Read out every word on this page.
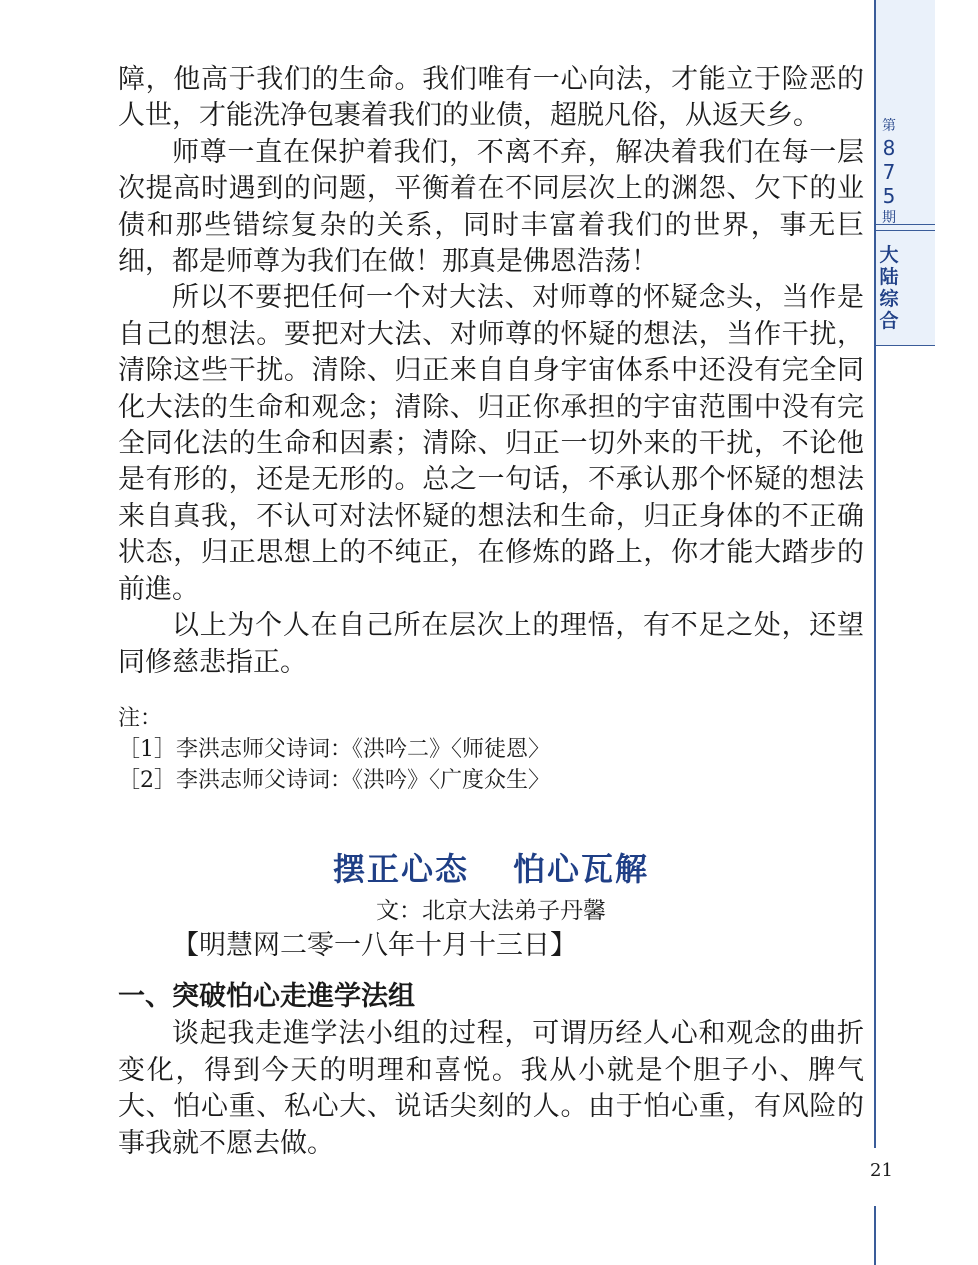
第
8
7
5
期
大
陆
综
合

障，他高于我们的生命。我们唯有一心向法，才能立于险恶的人世，才能洗净包裹着我们的业债，超脱凡俗，从返天乡。

师尊一直在保护着我们，不离不弃，解决着我们在每一层次提高时遇到的问题，平衡着在不同层次上的渊怨、欠下的业债和那些错综复杂的关系，同时丰富着我们的世界，事无巨细，都是师尊为我们在做！那真是佛恩浩荡！

所以不要把任何一个对大法、对师尊的怀疑念头，当作是自己的想法。要把对大法、对师尊的怀疑的想法，当作干扰，清除这些干扰。清除、归正来自自身宇宙体系中还没有完全同化大法的生命和观念；清除、归正你承担的宇宙范围中没有完全同化法的生命和因素；清除、归正一切外来的干扰，不论他是有形的，还是无形的。总之一句话，不承认那个怀疑的想法来自真我，不认可对法怀疑的想法和生命，归正身体的不正确状态，归正思想上的不纯正，在修炼的路上，你才能大踏步的前進。

以上为个人在自己所在层次上的理悟，有不足之处，还望同修慈悲指正。

注：
［1］李洪志师父诗词：《洪吟二》〈师徒恩〉
［2］李洪志师父诗词：《洪吟》〈广度众生〉
摆正心态 怕心瓦解
文：北京大法弟子丹馨

【明慧网二零一八年十月十三日】

一、突破怕心走進学法组

谈起我走進学法小组的过程，可谓历经人心和观念的曲折变化，得到今天的明理和喜悦。我从小就是个胆子小、脾气大、怕心重、私心大、说话尖刻的人。由于怕心重，有风险的事我就不愿去做。

21
